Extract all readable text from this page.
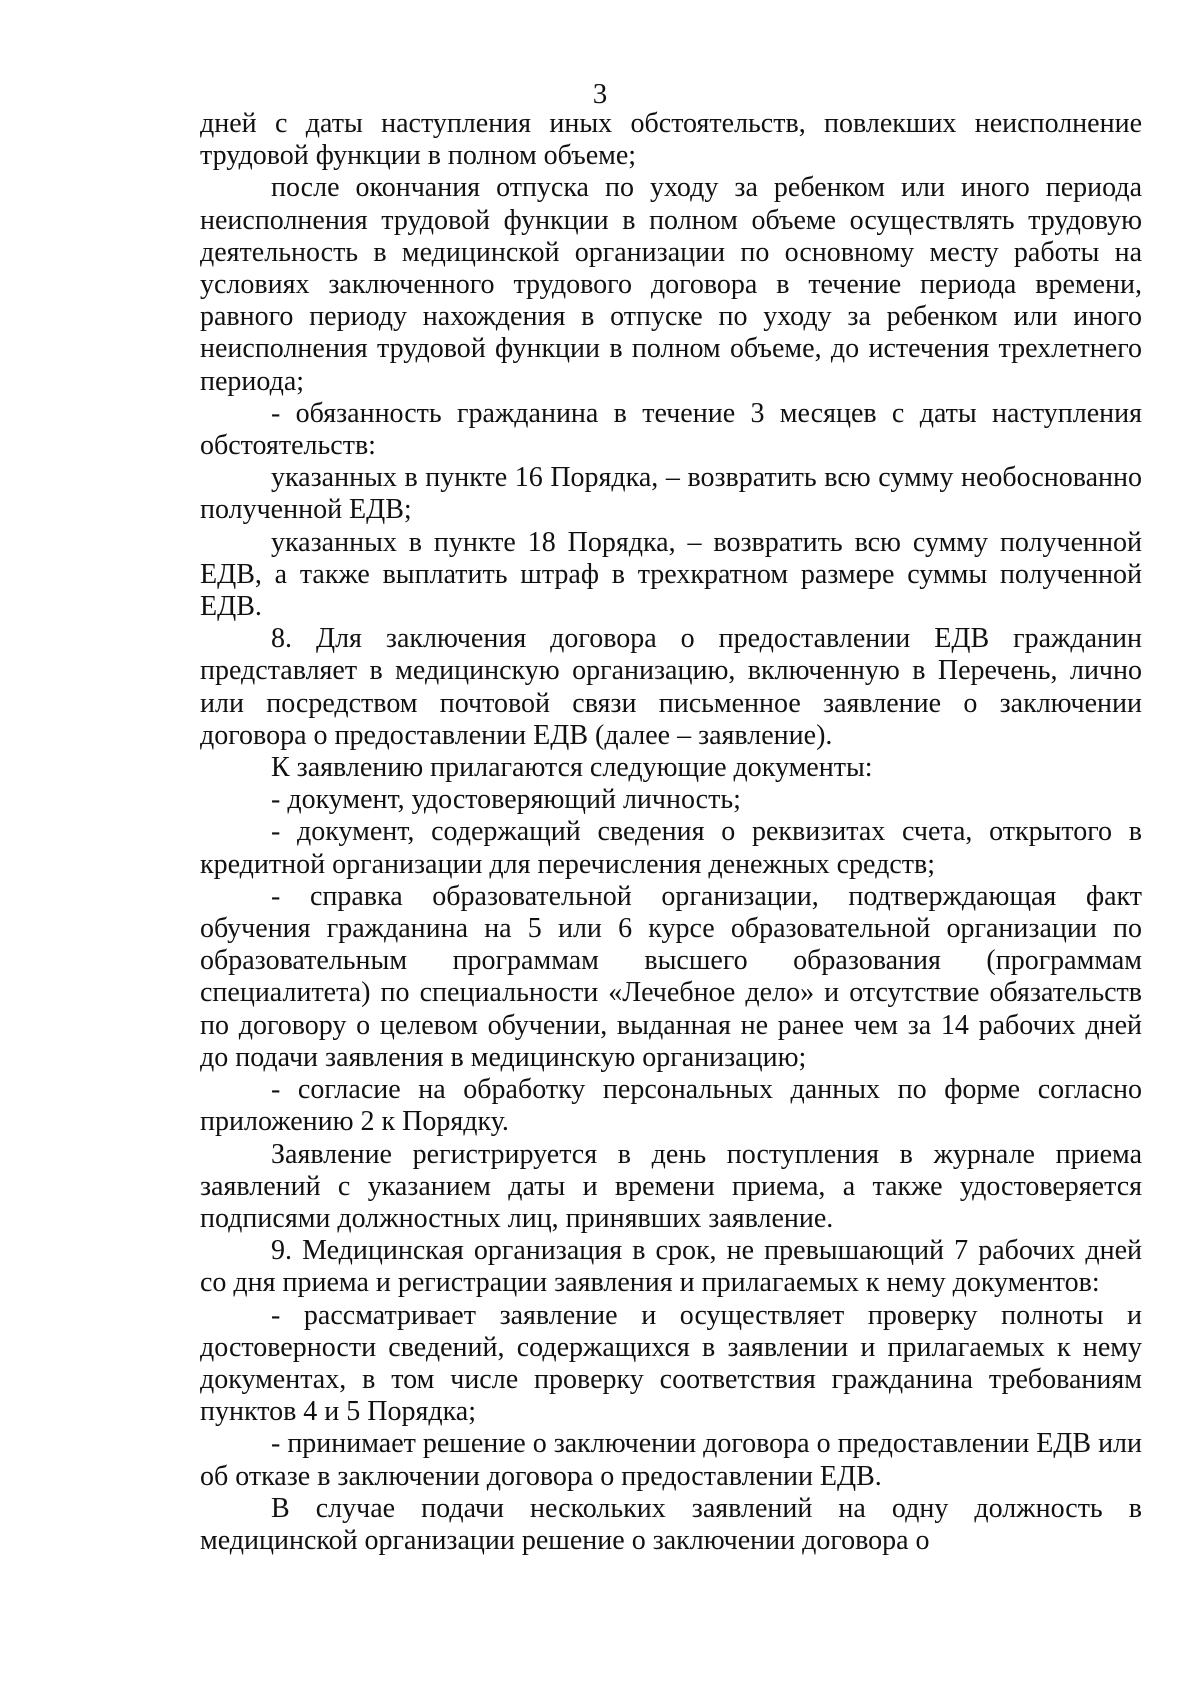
3

дней с даты наступления иных обстоятельств, повлекших неисполнение трудовой функции в полном объеме;

после окончания отпуска по уходу за ребенком или иного периода неисполнения трудовой функции в полном объеме осуществлять трудовую деятельность в медицинской организации по основному месту работы на условиях заключенного трудового договора в течение периода времени, равного периоду нахождения в отпуске по уходу за ребенком или иного неисполнения трудовой функции в полном объеме, до истечения трехлетнего периода;

- обязанность гражданина в течение 3 месяцев с даты наступления обстоятельств:

указанных в пункте 16 Порядка, – возвратить всю сумму необоснованно полученной ЕДВ;

указанных в пункте 18 Порядка, – возвратить всю сумму полученной ЕДВ, а также выплатить штраф в трехкратном размере суммы полученной ЕДВ.

8. Для заключения договора о предоставлении ЕДВ гражданин представляет в медицинскую организацию, включенную в Перечень, лично или посредством почтовой связи письменное заявление о заключении договора о предоставлении ЕДВ (далее – заявление).

К заявлению прилагаются следующие документы:

- документ, удостоверяющий личность;

- документ, содержащий сведения о реквизитах счета, открытого в кредитной организации для перечисления денежных средств;

- справка образовательной организации, подтверждающая факт обучения гражданина на 5 или 6 курсе образовательной организации по образовательным программам высшего образования (программам специалитета) по специальности «Лечебное дело» и отсутствие обязательств по договору о целевом обучении, выданная не ранее чем за 14 рабочих дней до подачи заявления в медицинскую организацию;

- согласие на обработку персональных данных по форме согласно приложению 2 к Порядку.

Заявление регистрируется в день поступления в журнале приема заявлений с указанием даты и времени приема, а также удостоверяется подписями должностных лиц, принявших заявление.

9. Медицинская организация в срок, не превышающий 7 рабочих дней со дня приема и регистрации заявления и прилагаемых к нему документов:

- рассматривает заявление и осуществляет проверку полноты и достоверности сведений, содержащихся в заявлении и прилагаемых к нему документах, в том числе проверку соответствия гражданина требованиям пунктов 4 и 5 Порядка;

- принимает решение о заключении договора о предоставлении ЕДВ или об отказе в заключении договора о предоставлении ЕДВ.

В случае подачи нескольких заявлений на одну должность в медицинской организации решение о заключении договора о
